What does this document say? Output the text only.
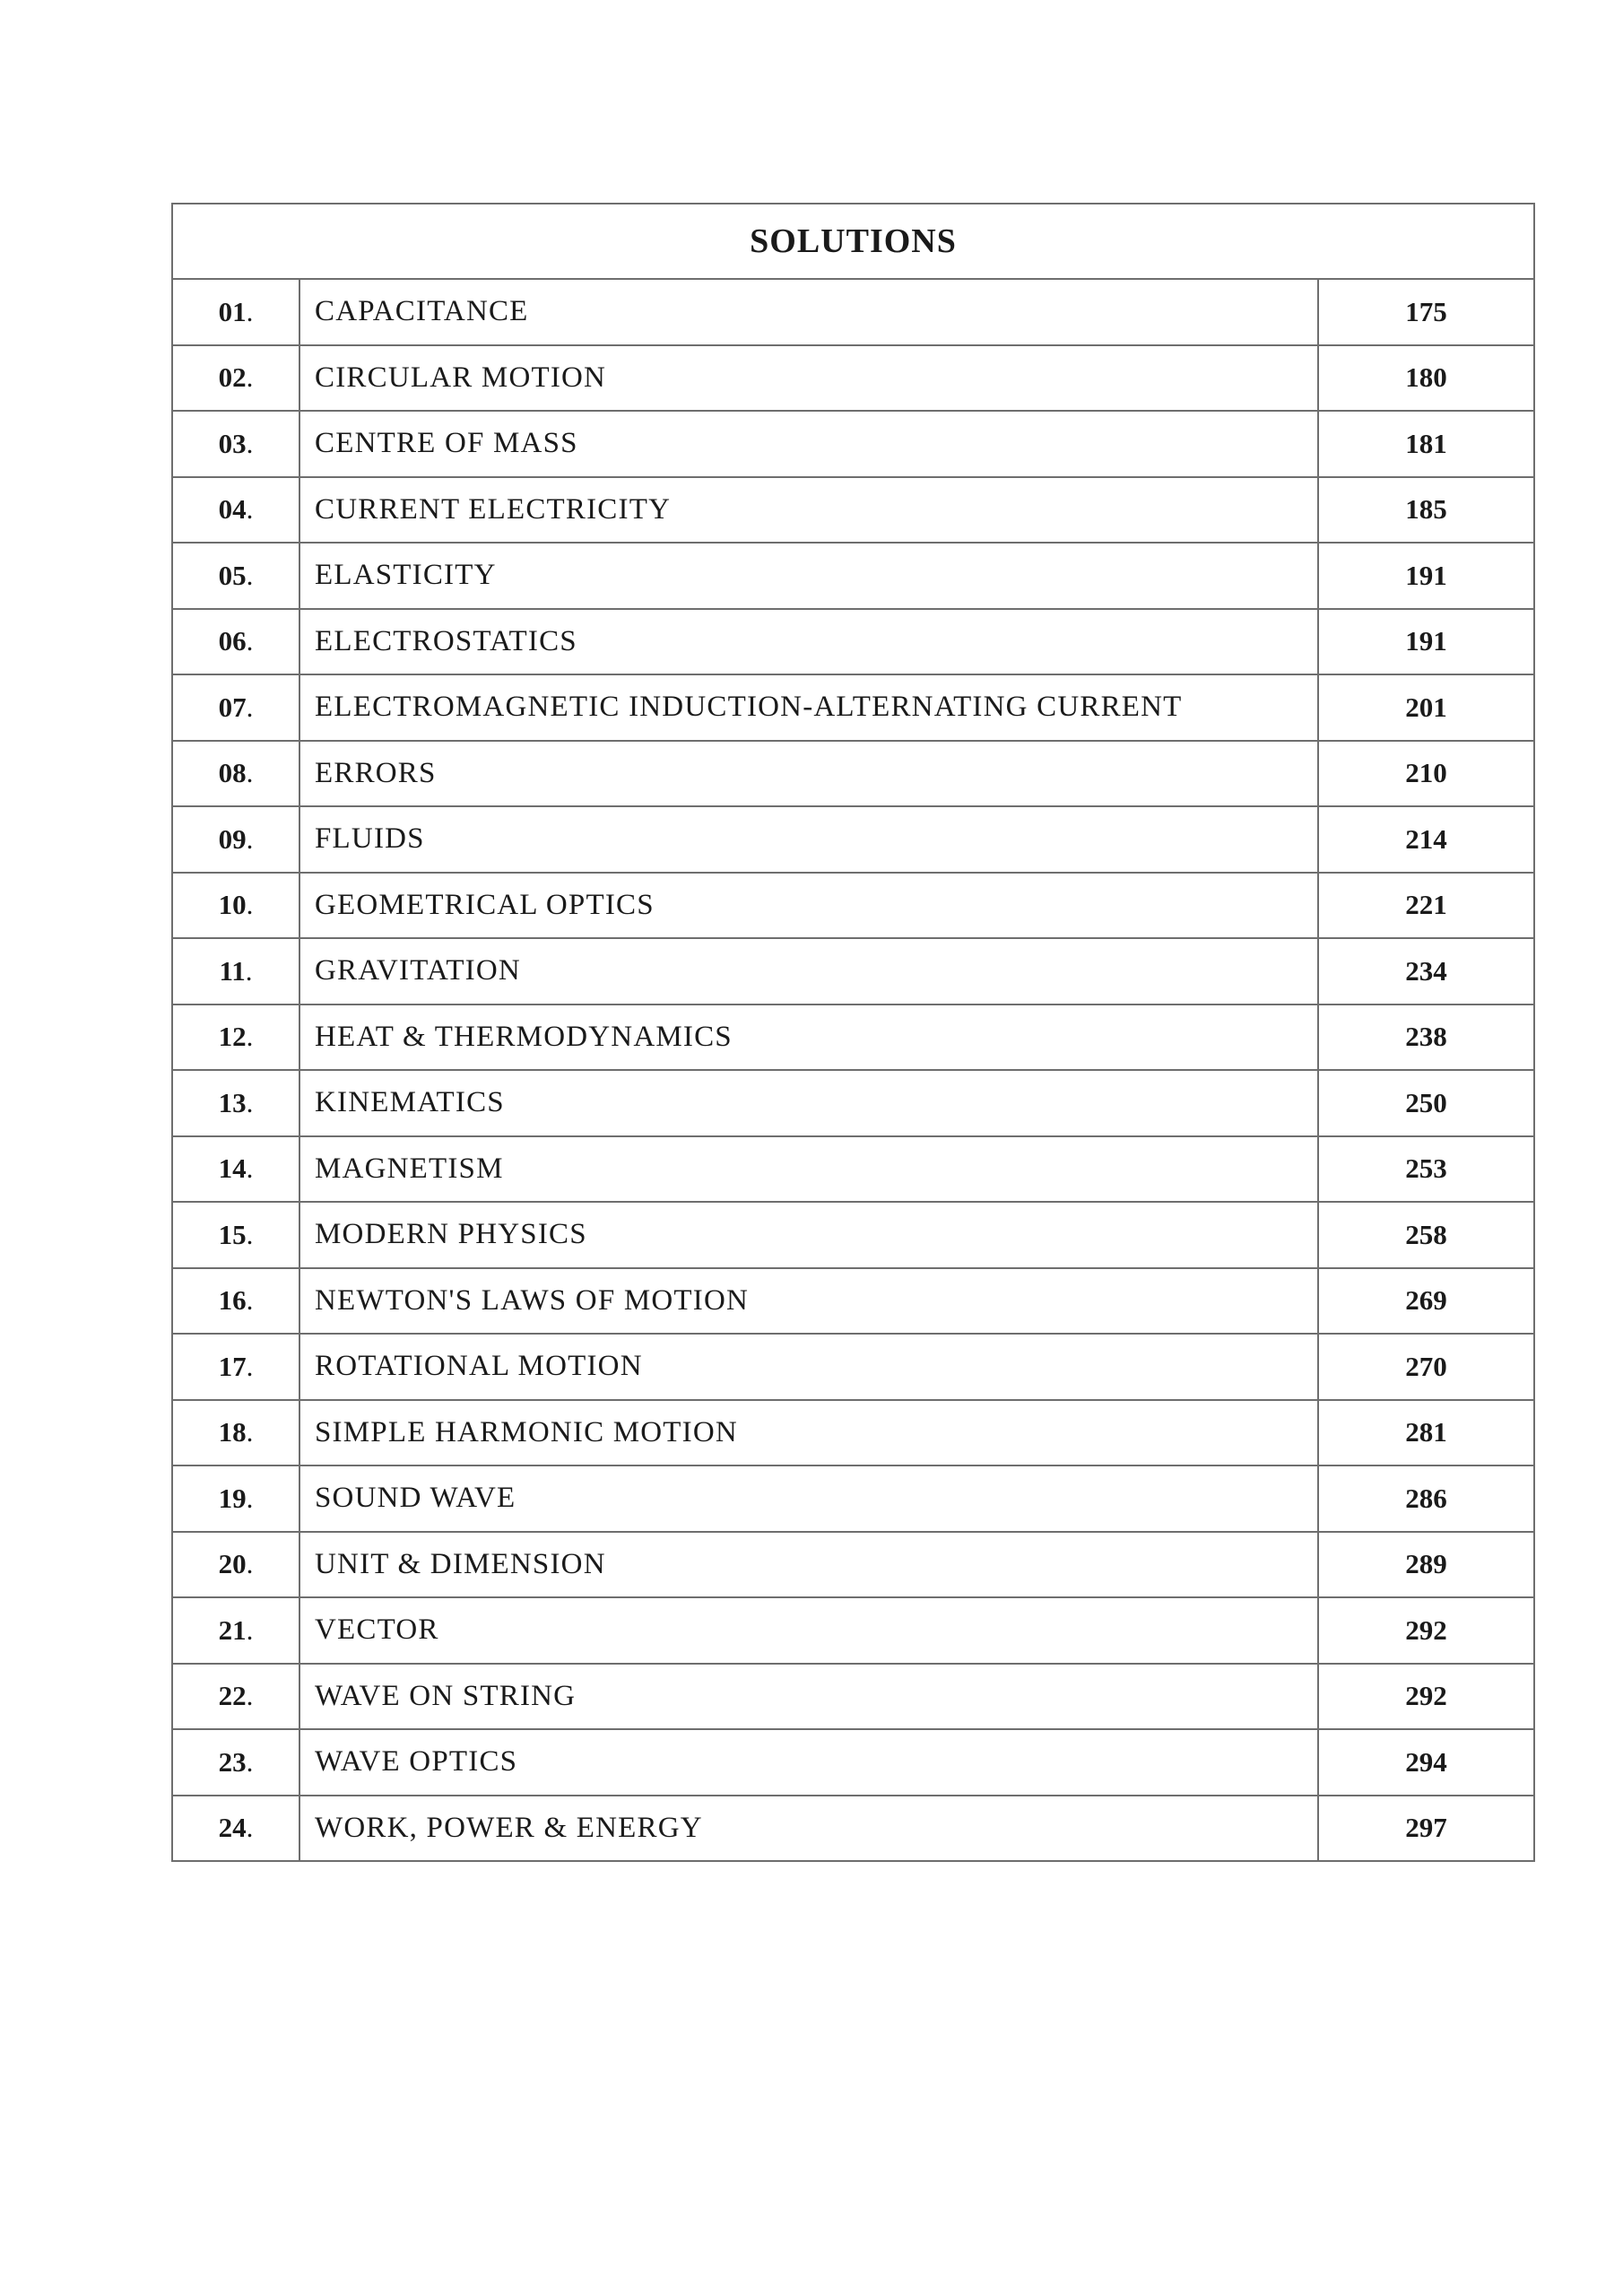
SOLUTIONS		
01.	CAPACITANCE	175
02.	CIRCULAR MOTION	180
03.	CENTRE OF MASS	181
04.	CURRENT ELECTRICITY	185
05.	ELASTICITY	191
06.	ELECTROSTATICS	191
07.	ELECTROMAGNETIC INDUCTION-ALTERNATING CURRENT	201
08.	ERRORS	210
09.	FLUIDS	214
10.	GEOMETRICAL OPTICS	221
11.	GRAVITATION	234
12.	HEAT & THERMODYNAMICS	238
13.	KINEMATICS	250
14.	MAGNETISM	253
15.	MODERN PHYSICS	258
16.	NEWTON'S LAWS OF MOTION	269
17.	ROTATIONAL MOTION	270
18.	SIMPLE HARMONIC MOTION	281
19.	SOUND WAVE	286
20.	UNIT & DIMENSION	289
21.	VECTOR	292
22.	WAVE ON STRING	292
23.	WAVE OPTICS	294
24.	WORK, POWER & ENERGY	297
